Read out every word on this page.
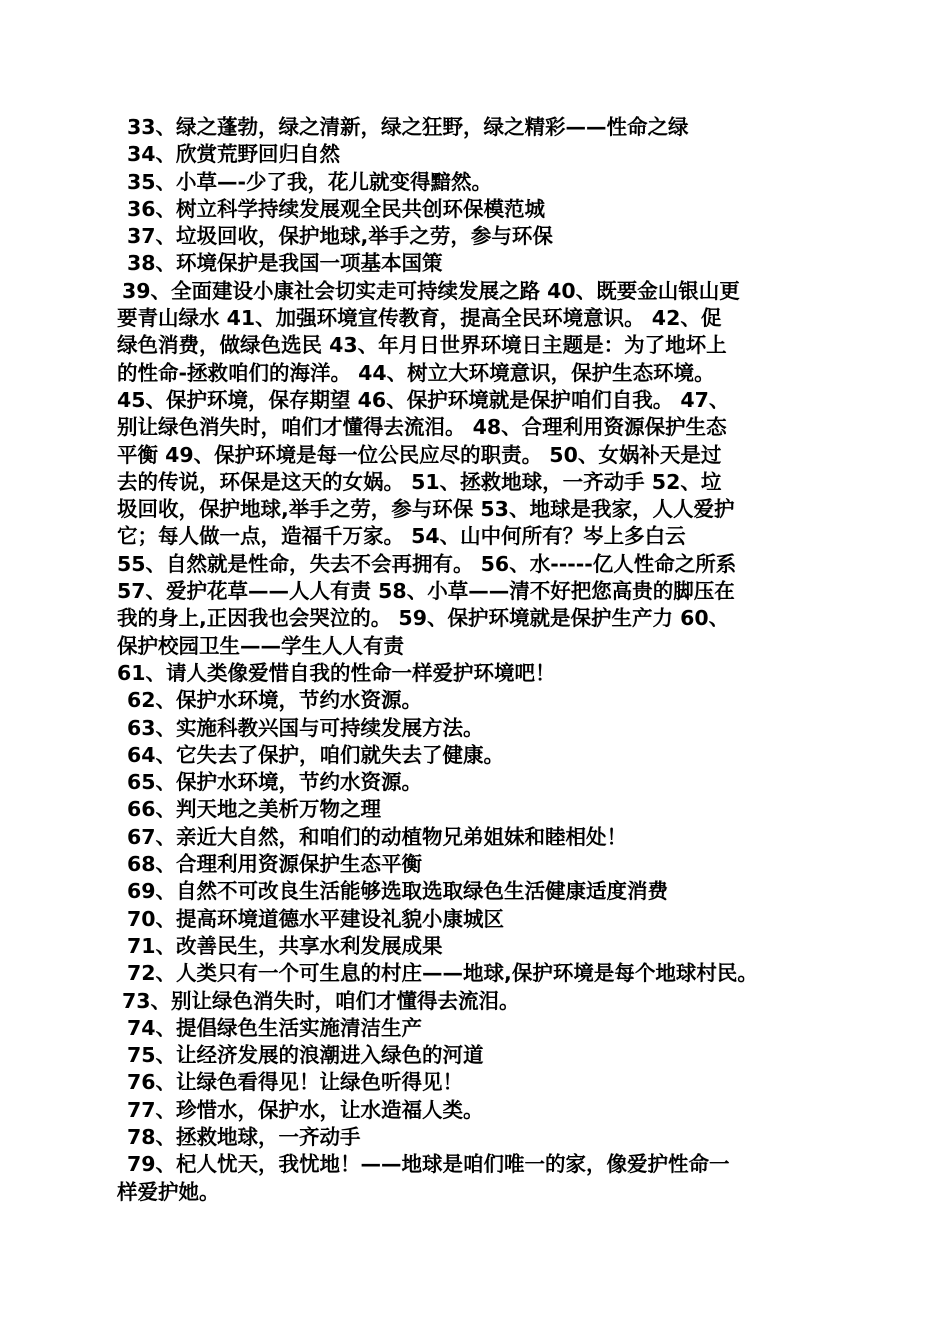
33、绿之蓬勃，绿之清新，绿之狂野，绿之精彩——性命之绿
34、欣赏荒野回归自然
35、小草—-少了我，花儿就变得黯然。
36、树立科学持续发展观全民共创环保模范城
37、垃圾回收，保护地球,举手之劳，参与环保
38、环境保护是我国一项基本国策
39、全面建设小康社会切实走可持续发展之路 40、既要金山银山更
要青山绿水 41、加强环境宣传教育，提高全民环境意识。 42、促
绿色消费，做绿色选民 43、年月日世界环境日主题是：为了地坏上
的性命-拯救咱们的海洋。 44、树立大环境意识，保护生态环境。
45、保护环境，保存期望 46、保护环境就是保护咱们自我。 47、
别让绿色消失时，咱们才懂得去流泪。 48、合理利用资源保护生态
平衡 49、保护环境是每一位公民应尽的职责。 50、女娲补天是过
去的传说，环保是这天的女娲。 51、拯救地球，一齐动手 52、垃
圾回收，保护地球,举手之劳，参与环保 53、地球是我家，人人爱护
它；每人做一点，造福千万家。 54、山中何所有？岑上多白云
55、自然就是性命，失去不会再拥有。 56、水-----亿人性命之所系
57、爱护花草——人人有责 58、小草——清不好把您高贵的脚压在
我的身上,正因我也会哭泣的。 59、保护环境就是保护生产力 60、
保护校园卫生——学生人人有责
61、请人类像爱惜自我的性命一样爱护环境吧！
62、保护水环境，节约水资源。
63、实施科教兴国与可持续发展方法。
64、它失去了保护，咱们就失去了健康。
65、保护水环境，节约水资源。
66、判天地之美析万物之理
67、亲近大自然，和咱们的动植物兄弟姐妹和睦相处！
68、合理利用资源保护生态平衡
69、自然不可改良生活能够选取选取绿色生活健康适度消费
70、提高环境道德水平建设礼貌小康城区
71、改善民生，共享水利发展成果
72、人类只有一个可生息的村庄——地球,保护环境是每个地球村民。
73、别让绿色消失时，咱们才懂得去流泪。
74、提倡绿色生活实施清洁生产
75、让经济发展的浪潮进入绿色的河道
76、让绿色看得见！让绿色听得见！
77、珍惜水，保护水，让水造福人类。
78、拯救地球，一齐动手
79、杞人忧天，我忧地！——地球是咱们唯一的家，像爱护性命一
样爱护她。
